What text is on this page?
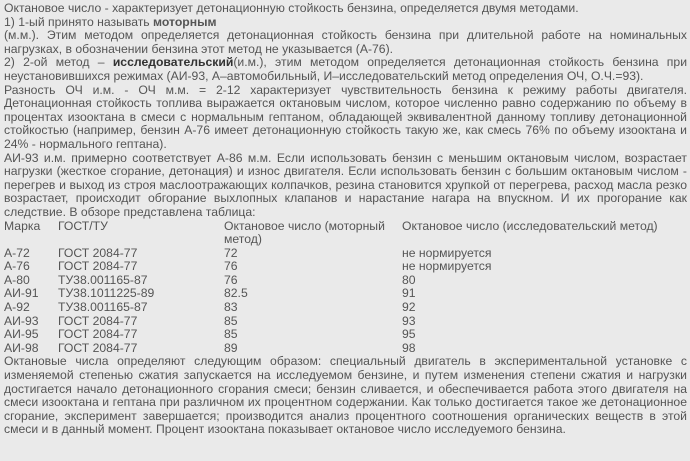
Октановое число - характеризует детонационную стойкость бензина, определяется двумя методами.

1) 1-ый принято называть моторным

(м.м.). Этим методом определяется детонационная стойкость бензина при длительной работе на номинальных нагрузках, в обозначении бензина этот метод не указывается (А-76).

2) 2-ой метод – исследовательский(и.м.), этим методом определяется детонационная стойкость бензина при неустановившихся режимах (АИ-93, А–автомобильный, И–исследовательский метод определения ОЧ, О.Ч.=93).

Разность ОЧ и.м. - ОЧ м.м. = 2-12 характеризует чувствительность бензина к режиму работы двигателя. Детонационная стойкость топлива выражается октановым числом, которое численно равно содержанию по объему в процентах изооктана в смеси с нормальным гептаном, обладающей эквивалентной данному топливу детонационной стойкостью (например, бензин А-76 имеет детонационную стойкость такую же, как смесь 76% по объему изооктана и 24% - нормального гептана).

АИ-93 и.м. примерно соответствует А-86 м.м. Если использовать бензин с меньшим октановым числом, возрастает нагрузки (жесткое сгорание, детонация) и износ двигателя. Если использовать бензин с большим октановым числом - перегрев и выход из строя маслоотражающих колпачков, резина становится хрупкой от перегрева, расход масла резко возрастает, происходит обгорание выхлопных клапанов и нарастание нагара на впускном. И их прогорание как следствие. В обзоре представлена таблица:

Марка	ГОСТ/ТУ	Октановое число (моторный метод)	Октановое число (исследовательский метод)
А-72	ГОСТ 2084-77	72	не нормируется
А-76	ГОСТ 2084-77	76	не нормируется
А-80	ТУ38.001165-87	76	80
АИ-91	ТУ38.1011225-89	82.5	91
А-92	ТУ38.001165-87	83	92
АИ-93	ГОСТ 2084-77	85	93
АИ-95	ГОСТ 2084-77	85	95
АИ-98	ГОСТ 2084-77	89	98

Октановые числа определяют следующим образом: специальный двигатель в экспериментальной установке с изменяемой степенью сжатия запускается на исследуемом бензине, и путем изменения степени сжатия и нагрузки достигается начало детонационного сгорания смеси; бензин сливается, и обеспечивается работа этого двигателя на смеси изооктана и гептана при различном их процентном содержании. Как только достигается такое же детонационное сгорание, эксперимент завершается; производится анализ процентного соотношения органических веществ в этой смеси и в данный момент. Процент изооктана показывает октановое число исследуемого бензина.
